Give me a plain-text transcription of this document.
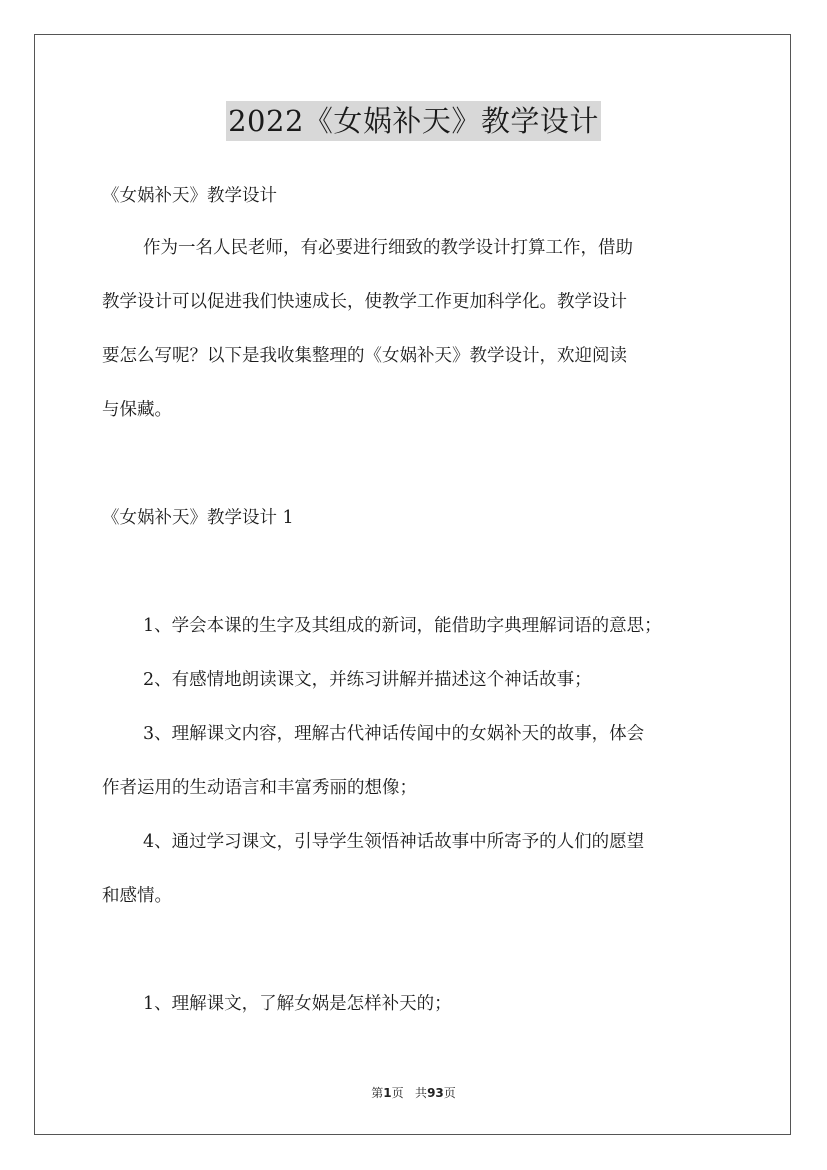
2022《女娲补天》教学设计
《女娲补天》教学设计
作为一名人民老师，有必要进行细致的教学设计打算工作，借助
教学设计可以促进我们快速成长，使教学工作更加科学化。教学设计
要怎么写呢？以下是我收集整理的《女娲补天》教学设计，欢迎阅读
与保藏。
《女娲补天》教学设计 1
1、学会本课的生字及其组成的新词，能借助字典理解词语的意思；
2、有感情地朗读课文，并练习讲解并描述这个神话故事；
3、理解课文内容，理解古代神话传闻中的女娲补天的故事，体会
作者运用的生动语言和丰富秀丽的想像；
4、通过学习课文，引导学生领悟神话故事中所寄予的人们的愿望
和感情。
1、理解课文，了解女娲是怎样补天的；
第1页 共93页
